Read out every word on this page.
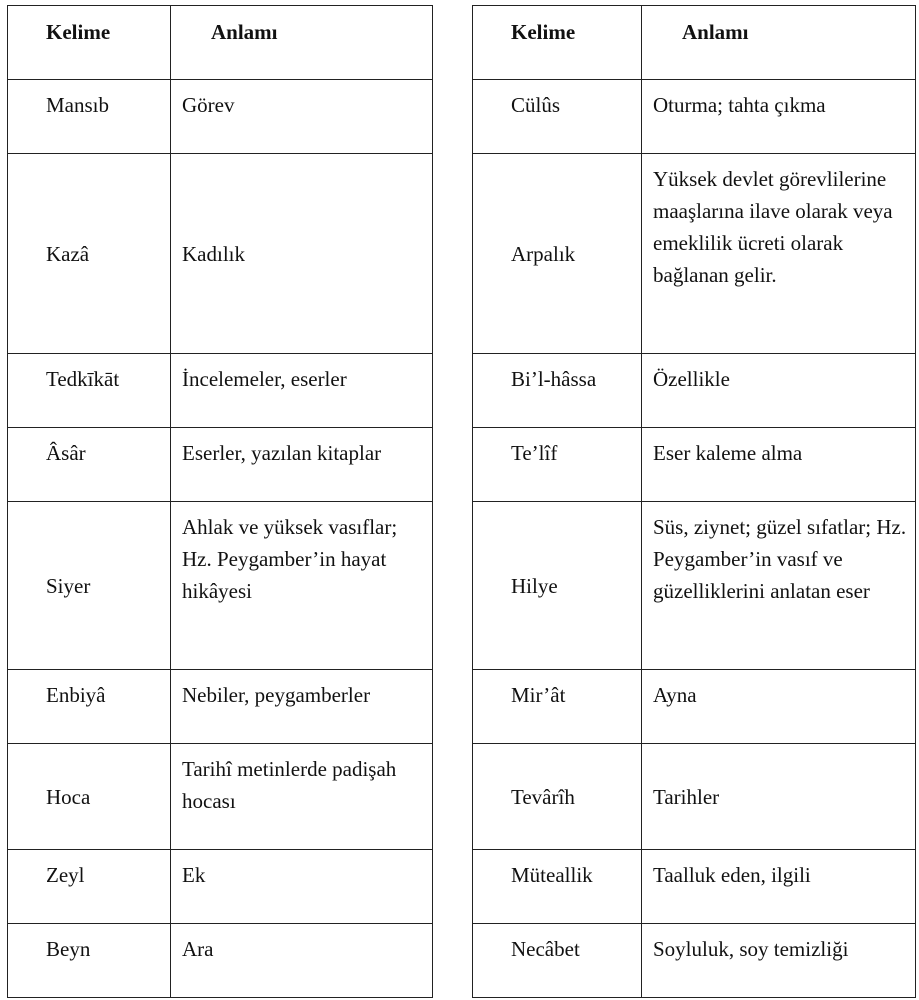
Kelime	Anlamı
Mansıb	Görev
Kazâ	Kadılık
Tedkīkāt	İncelemeler, eserler
Âsâr	Eserler, yazılan kitaplar
Siyer	Ahlak ve yüksek vasıflar; Hz. Peygamber’in hayat hikâyesi
Enbiyâ	Nebiler, peygamberler
Hoca	Tarihî metinlerde padişah hocası
Zeyl	Ek
Beyn	Ara
Kelime	Anlamı
Cülûs	Oturma; tahta çıkma
Arpalık	Yüksek devlet görevlilerine maaşlarına ilave olarak veya emeklilik ücreti olarak bağlanan gelir.
Bi’l-hâssa	Özellikle
Te’lîf	Eser kaleme alma
Hilye	Süs, ziynet; güzel sıfatlar; Hz. Peygamber’in vasıf ve güzelliklerini anlatan eser
Mir’ât	Ayna
Tevârîh	Tarihler
Müteallik	Taalluk eden, ilgili
Necâbet	Soyluluk, soy temizliği
